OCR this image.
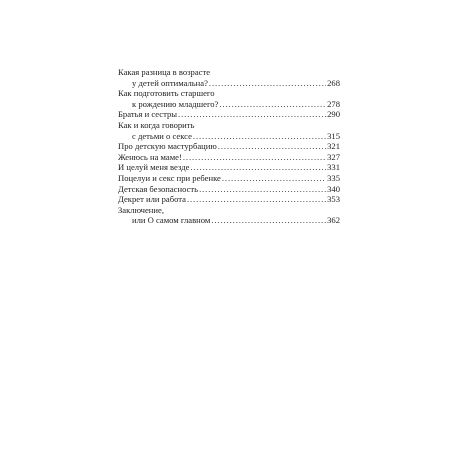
Какая разница в возрасте
у детей оптимальна? .....	268
Как подготовить старшего
к рождению младшего? .....	278
Братья и сестры .....	290
Как и когда говорить
с детьми о сексе .....	315
Про детскую мастурбацию .....	321
Женюсь на маме! .....	327
И целуй меня везде .....	331
Поцелуи и секс при ребенке .....	335
Детская безопасность .....	340
Декрет или работа .....	353
Заключение,
или О самом главном .....	362
